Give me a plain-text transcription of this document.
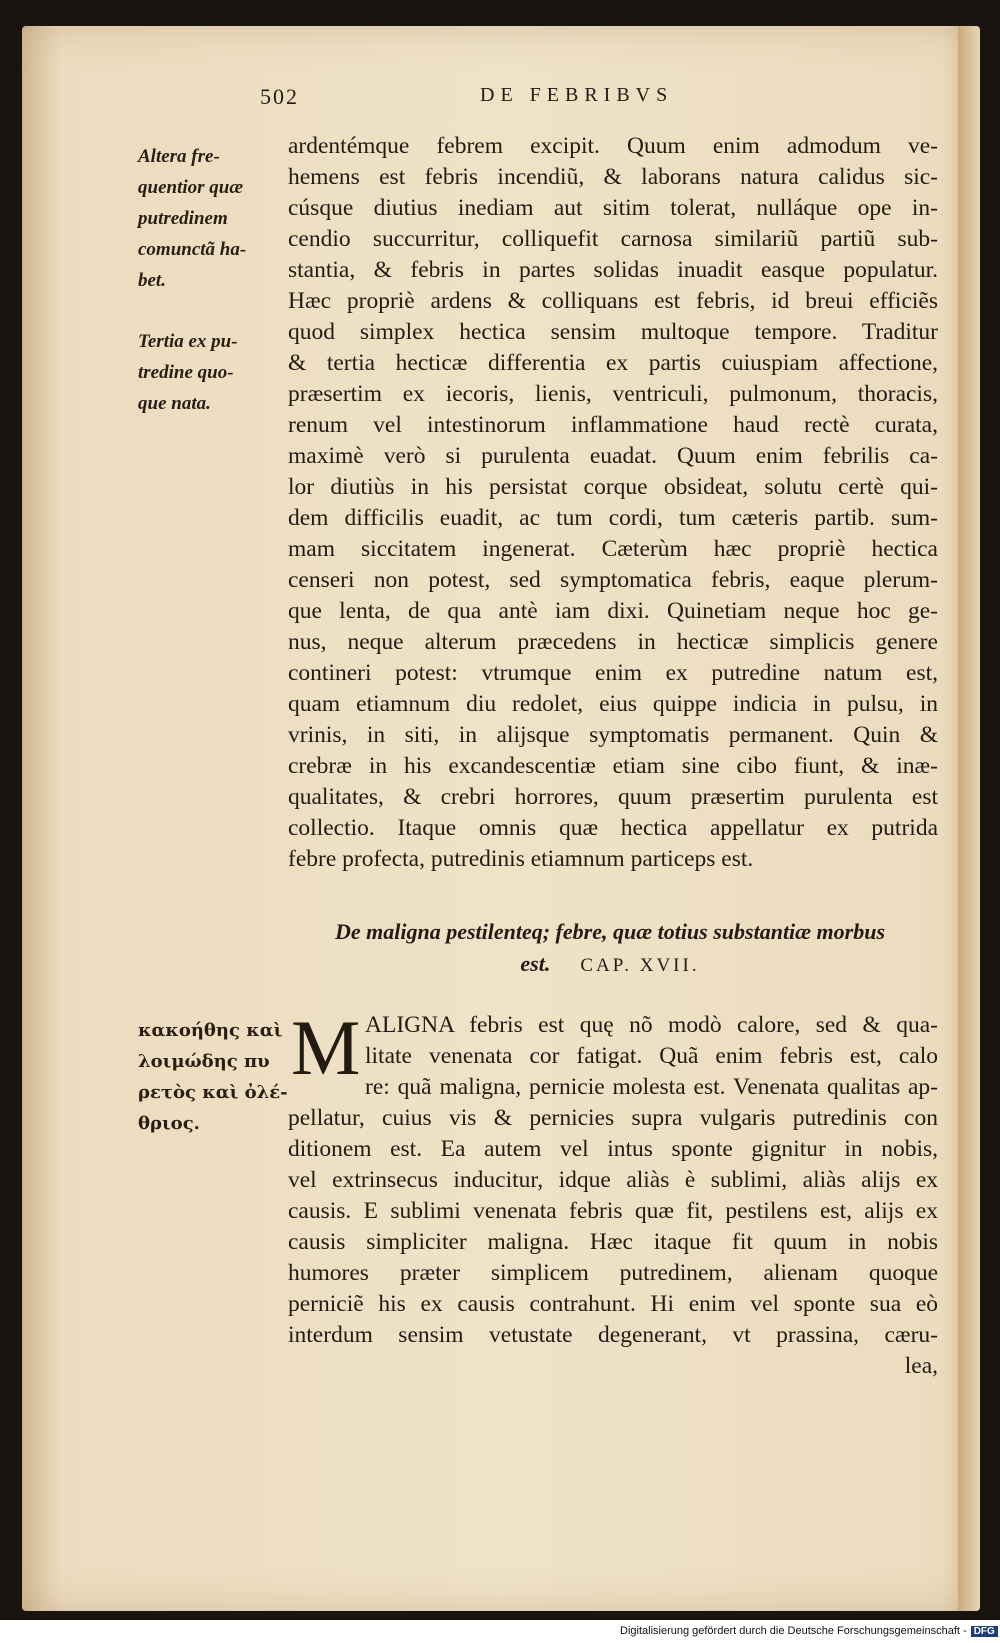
502	DE FEBRIBVS
Altera fre-
quentior quæ
putredinem
comunctã ha-
bet.
Tertia ex pu-
tredine quo-
que nata.
κακοήθης καὶ
λοιμώδης πυ
ρετὸς καὶ ὀλέ-
θριος.
ardentémque febrem excipit. Quum enim admodum ve-
hemens est febris incendiũ, & laborans natura calidus sic-
cúsque diutius inediam aut sitim tolerat, nulláque ope in-
cendio succurritur, colliquefit carnosa similariũ partiũ sub-
stantia, & febris in partes solidas inuadit easque populatur.
Hæc propriè ardens & colliquans est febris, id breui efficiẽs
quod simplex hectica sensim multoque tempore. Traditur
& tertia hecticæ differentia ex partis cuiuspiam affectione,
præsertim ex iecoris, lienis, ventriculi, pulmonum, thoracis,
renum vel intestinorum inflammatione haud rectè curata,
maximè verò si purulenta euadat. Quum enim febrilis ca-
lor diutiùs in his persistat corque obsideat, solutu certè qui-
dem difficilis euadit, ac tum cordi, tum cæteris partib. sum-
mam siccitatem ingenerat. Cæterùm hæc propriè hectica
censeri non potest, sed symptomatica febris, eaque plerum-
que lenta, de qua antè iam dixi. Quinetiam neque hoc ge-
nus, neque alterum præcedens in hecticæ simplicis genere
contineri potest: vtrumque enim ex putredine natum est,
quam etiamnum diu redolet, eius quippe indicia in pulsu, in
vrinis, in siti, in alijsque symptomatis permanent. Quin &
crebræ in his excandescentiæ etiam sine cibo fiunt, & inæ-
qualitates, & crebri horrores, quum præsertim purulenta est
collectio. Itaque omnis quæ hectica appellatur ex putrida
febre profecta, putredinis etiamnum particeps est.
De maligna pestilenteq; febre, quæ totius substantiæ morbus
est. CAP. XVII.
M ALIGNA febris est quę nõ modò calore, sed & qua-
litate venenata cor fatigat. Quã enim febris est, calo
re: quã maligna, pernicie molesta est. Venenata qualitas ap-
pellatur, cuius vis & pernicies supra vulgaris putredinis con
ditionem est. Ea autem vel intus sponte gignitur in nobis,
vel extrinsecus inducitur, idque aliàs è sublimi, aliàs alijs ex
causis. E sublimi venenata febris quæ fit, pestilens est, alijs ex
causis simpliciter maligna. Hæc itaque fit quum in nobis
humores præter simplicem putredinem, alienam quoque
perniciẽ his ex causis contrahunt. Hi enim vel sponte sua eò
interdum sensim vetustate degenerant, vt prassina, cæru-
lea,
Digitalisierung gefördert durch die Deutsche Forschungsgemeinschaft - DFG
